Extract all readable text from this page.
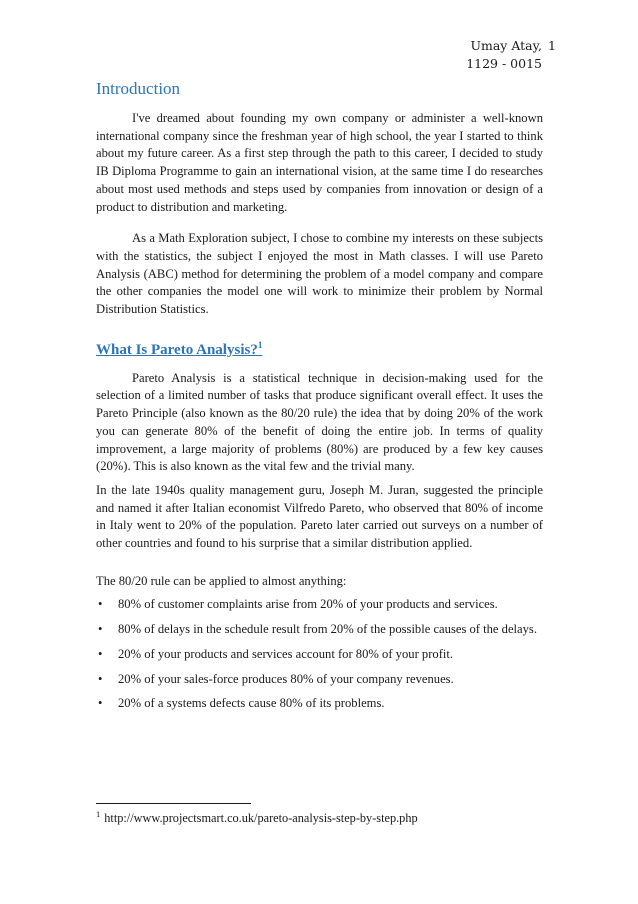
Umay Atay, 1
1129 - 0015
Introduction

I've dreamed about founding my own company or administer a well-known international company since the freshman year of high school, the year I started to think about my future career. As a first step through the path to this career, I decided to study IB Diploma Programme to gain an international vision, at the same time I do researches about most used methods and steps used by companies from innovation or design of a product to distribution and marketing.

As a Math Exploration subject, I chose to combine my interests on these subjects with the statistics, the subject I enjoyed the most in Math classes. I will use Pareto Analysis (ABC) method for determining the problem of a model company and compare the other companies the model one will work to minimize their problem by Normal Distribution Statistics.

What Is Pareto Analysis?$^1$

Pareto Analysis is a statistical technique in decision-making used for the selection of a limited number of tasks that produce significant overall effect. It uses the Pareto Principle (also known as the 80/20 rule) the idea that by doing 20% of the work you can generate 80% of the benefit of doing the entire job. In terms of quality improvement, a large majority of problems (80%) are produced by a few key causes (20%). This is also known as the vital few and the trivial many.

In the late 1940s quality management guru, Joseph M. Juran, suggested the principle and named it after Italian economist Vilfredo Pareto, who observed that 80% of income in Italy went to 20% of the population. Pareto later carried out surveys on a number of other countries and found to his surprise that a similar distribution applied.

The 80/20 rule can be applied to almost anything:

• 80% of customer complaints arise from 20% of your products and services.
• 80% of delays in the schedule result from 20% of the possible causes of the delays.
• 20% of your products and services account for 80% of your profit.
• 20% of your sales-force produces 80% of your company revenues.
• 20% of a systems defects cause 80% of its problems.
$^1$ http://www.projectsmart.co.uk/pareto-analysis-step-by-step.php
